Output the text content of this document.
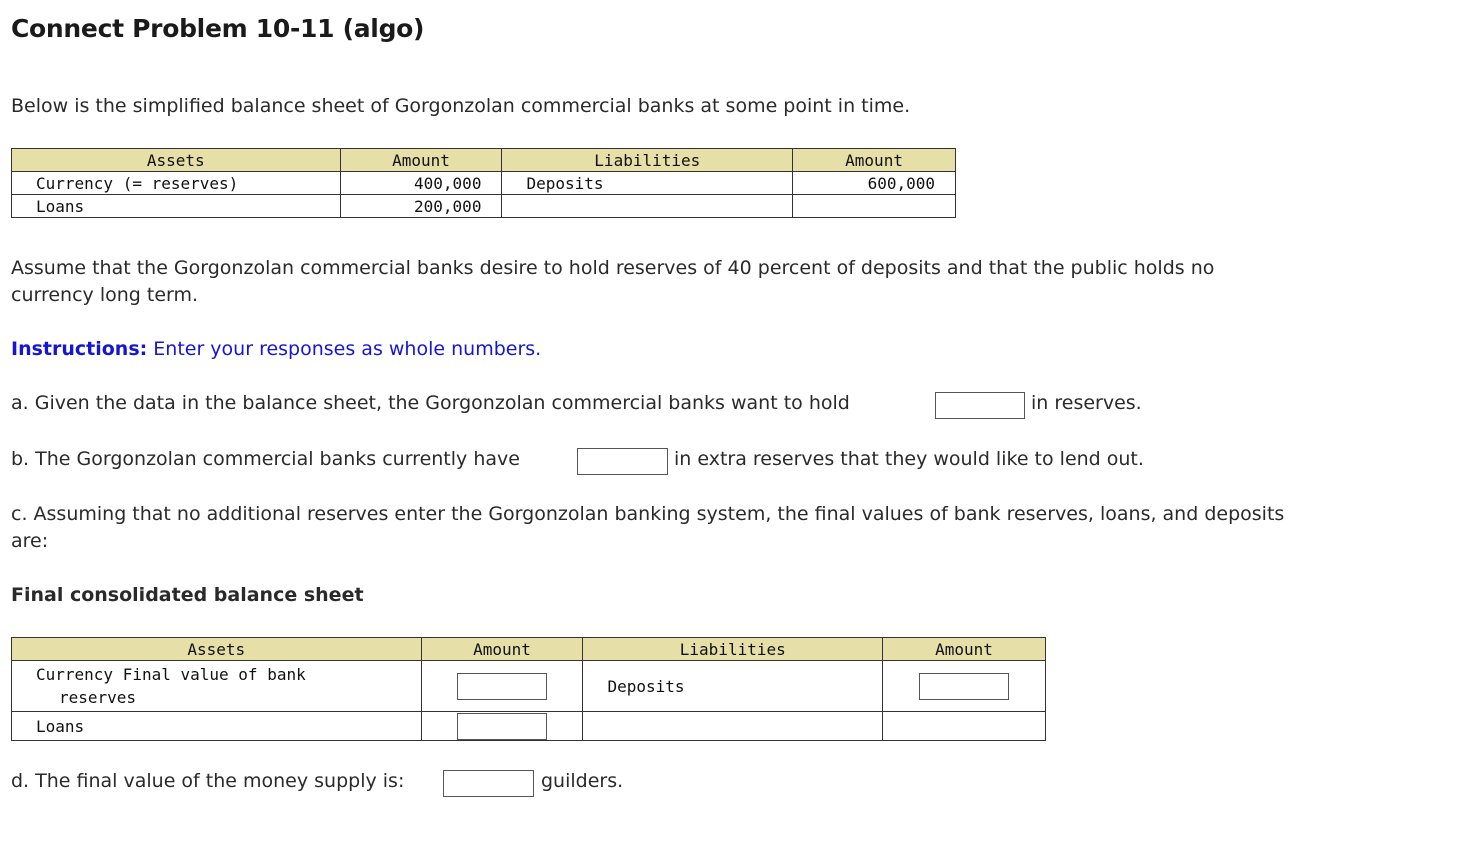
Connect Problem 10-11 (algo)
Below is the simplified balance sheet of Gorgonzolan commercial banks at some point in time.
Assets	Amount	Liabilities	Amount
Currency (= reserves)	400,000	Deposits	600,000
Loans	200,000		
Assume that the Gorgonzolan commercial banks desire to hold reserves of 40 percent of deposits and that the public holds no
currency long term.
Instructions: Enter your responses as whole numbers.
a. Given the data in the balance sheet, the Gorgonzolan commercial banks want to hold	in reserves.
b. The Gorgonzolan commercial banks currently have	in extra reserves that they would like to lend out.
c. Assuming that no additional reserves enter the Gorgonzolan banking system, the final values of bank reserves, loans, and deposits
are:
Final consolidated balance sheet
Assets	Amount	Liabilities	Amount

Currency Final value of bank reserves		Deposits	

Loans	

d. The final value of the money supply is:	guilders.
